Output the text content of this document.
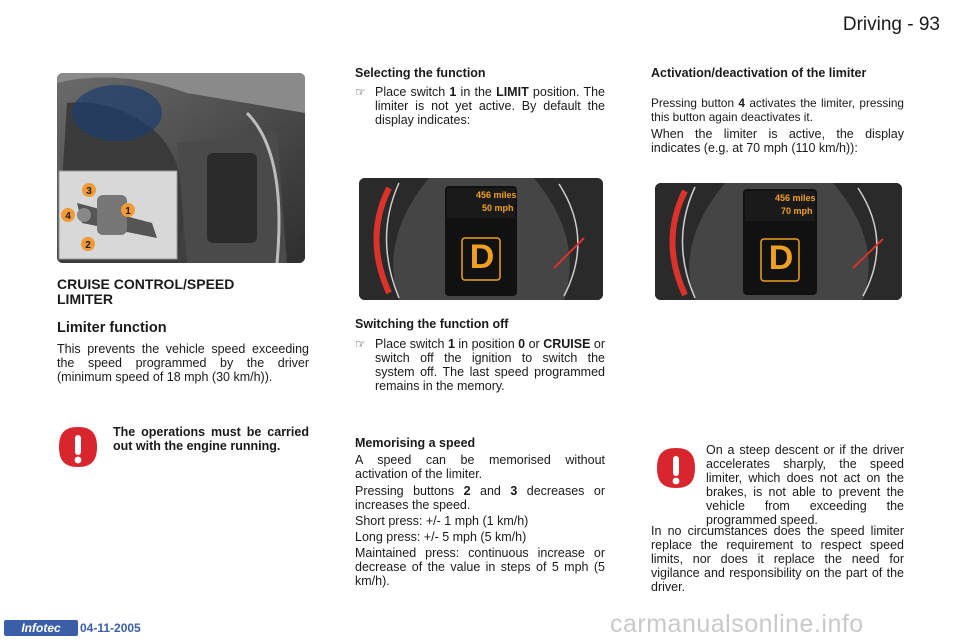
Driving - 93
3
1
4
2
CRUISE CONTROL/SPEED
LIMITER
Limiter function

This prevents the vehicle speed exceeding the speed programmed by the driver (minimum speed of 18 mph (30 km/h)).

The operations must be carried out with the engine running.
Selecting the function
☞ Place switch 1 in the LIMIT position. The limiter is not yet active. By default the display indicates:
456 miles
50 mph
D
Switching the function off
☞ Place switch 1 in position 0 or CRUISE or switch off the ignition to switch the system off. The last speed programmed remains in the memory.
Memorising a speed

A speed can be memorised without activation of the limiter.

Pressing buttons 2 and 3 decreases or increases the speed.

Short press: +/- 1 mph (1 km/h)

Long press: +/- 5 mph (5 km/h)

Maintained press: continuous increase or decrease of the value in steps of 5 mph (5 km/h).

Activation/deactivation of the limiter

Pressing button 4 activates the limiter, pressing this button again deactivates it.

When the limiter is active, the display indicates (e.g. at 70 mph (110 km/h)):

456 miles
70 mph
D

On a steep descent or if the driver accelerates sharply, the speed limiter, which does not act on the brakes, is not able to prevent the vehicle from exceeding the programmed speed.

In no circumstances does the speed limiter replace the requirement to respect speed limits, nor does it replace the need for vigilance and responsibility on the part of the driver.

Infotec	04-11-2005	carmanualsonline.info
